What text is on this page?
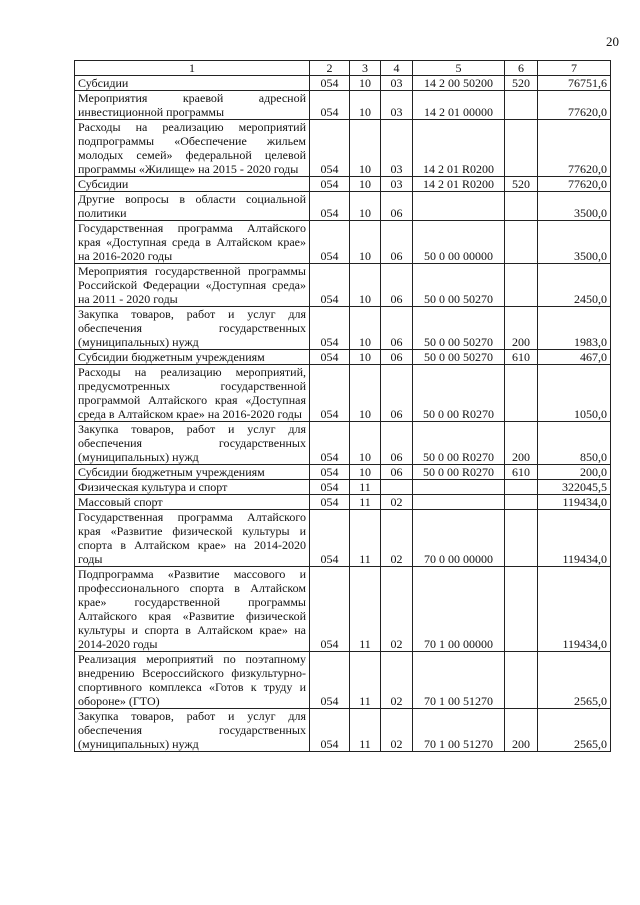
20
1	2	3	4	5	6	7
Субсидии	054	10	03	14 2 00 50200	520	76751,6
Мероприятия краевой адресной инвестиционной программы	054	10	03	14 2 01 00000		77620,0
Расходы на реализацию мероприятий подпрограммы «Обеспечение жильем молодых семей» федеральной целевой программы «Жилище» на 2015 - 2020 годы	054	10	03	14 2 01 R0200		77620,0
Субсидии	054	10	03	14 2 01 R0200	520	77620,0
Другие вопросы в области социальной политики	054	10	06			3500,0
Государственная программа Алтайского края «Доступная среда в Алтайском крае» на 2016-2020 годы	054	10	06	50 0 00 00000		3500,0
Мероприятия государственной программы Российской Федерации «Доступная среда» на 2011 - 2020 годы	054	10	06	50 0 00 50270		2450,0
Закупка товаров, работ и услуг для обеспечения государственных (муниципальных) нужд	054	10	06	50 0 00 50270	200	1983,0
Субсидии бюджетным учреждениям	054	10	06	50 0 00 50270	610	467,0
Расходы на реализацию мероприятий, предусмотренных государственной программой Алтайского края «Доступная среда в Алтайском крае» на 2016-2020 годы	054	10	06	50 0 00 R0270		1050,0
Закупка товаров, работ и услуг для обеспечения государственных (муниципальных) нужд	054	10	06	50 0 00 R0270	200	850,0
Субсидии бюджетным учреждениям	054	10	06	50 0 00 R0270	610	200,0
Физическая культура и спорт	054	11				322045,5
Массовый спорт	054	11	02			119434,0
Государственная программа Алтайского края «Развитие физической культуры и спорта в Алтайском крае» на 2014-2020 годы	054	11	02	70 0 00 00000		119434,0
Подпрограмма «Развитие массового и профессионального спорта в Алтайском крае» государственной программы Алтайского края «Развитие физической культуры и спорта в Алтайском крае» на 2014-2020 годы	054	11	02	70 1 00 00000		119434,0
Реализация мероприятий по поэтапному внедрению Всероссийского физкультурно-спортивного комплекса «Готов к труду и обороне» (ГТО)	054	11	02	70 1 00 51270		2565,0
Закупка товаров, работ и услуг для обеспечения государственных (муниципальных) нужд	054	11	02	70 1 00 51270	200	2565,0
